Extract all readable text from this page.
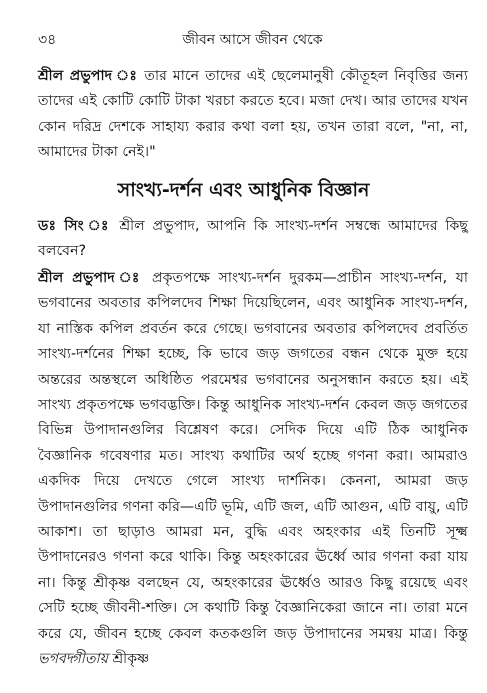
৩৪	জীবন আসে জীবন থেকে

শ্রীল প্রভুপাদ ঃ তার মানে তাদের এই ছেলেমানুষী কৌতূহল নিবৃত্তির জন্য তাদের এই কোটি কোটি টাকা খরচা করতে হবে। মজা দেখ। আর তাদের যখন কোন দরিদ্র দেশকে সাহায্য করার কথা বলা হয়, তখন তারা বলে, "না, না, আমাদের টাকা নেই।"

সাংখ্য-দর্শন এবং আধুনিক বিজ্ঞান

ডঃ সিং ঃ শ্রীল প্রভুপাদ, আপনি কি সাংখ্য-দর্শন সম্বন্ধে আমাদের কিছু বলবেন?

শ্রীল প্রভুপাদ ঃ প্রকৃতপক্ষে সাংখ্য-দর্শন দুরকম—প্রাচীন সাংখ্য-দর্শন, যা ভগবানের অবতার কপিলদেব শিক্ষা দিয়েছিলেন, এবং আধুনিক সাংখ্য-দর্শন, যা নাস্তিক কপিল প্রবর্তন করে গেছে। ভগবানের অবতার কপিলদেব প্রবর্তিত সাংখ্য-দর্শনের শিক্ষা হচ্ছে, কি ভাবে জড় জগতের বন্ধন থেকে মুক্ত হয়ে অন্তরের অন্তস্থলে অধিষ্ঠিত পরমেশ্বর ভগবানের অনুসন্ধান করতে হয়। এই সাংখ্য প্রকৃতপক্ষে ভগবদ্ভক্তি। কিন্তু আধুনিক সাংখ্য-দর্শন কেবল জড় জগতের বিভিন্ন উপাদানগুলির বিশ্লেষণ করে। সেদিক দিয়ে এটি ঠিক আধুনিক বৈজ্ঞানিক গবেষণার মত। সাংখ্য কথাটির অর্থ হচ্ছে গণনা করা। আমরাও একদিক দিয়ে দেখতে গেলে সাংখ্য দার্শনিক। কেননা, আমরা জড় উপাদানগুলির গণনা করি—এটি ভূমি, এটি জল, এটি আগুন, এটি বায়ু, এটি আকাশ। তা ছাড়াও আমরা মন, বুদ্ধি এবং অহংকার এই তিনটি সূক্ষ্ম উপাদানেরও গণনা করে থাকি। কিন্তু অহংকারের ঊর্ধ্বে আর গণনা করা যায় না। কিন্তু শ্রীকৃষ্ণ বলছেন যে, অহংকারের ঊর্ধ্বেও আরও কিছু রয়েছে এবং সেটি হচ্ছে জীবনী-শক্তি। সে কথাটি কিন্তু বৈজ্ঞানিকেরা জানে না। তারা মনে করে যে, জীবন হচ্ছে কেবল কতকগুলি জড় উপাদানের সমন্বয় মাত্র। কিন্তু ভগবদ্গীতায় শ্রীকৃষ্ণ
